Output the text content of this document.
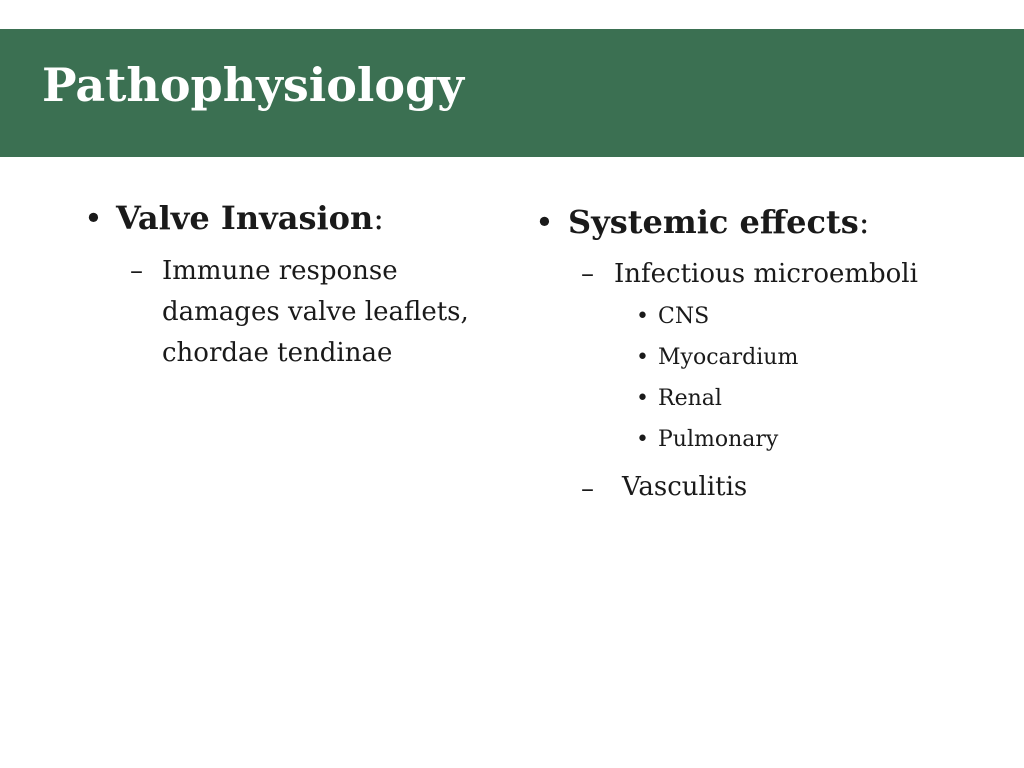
Pathophysiology
• Valve Invasion:
– Immune response
damages valve leaflets,
chordae tendinae
• Systemic effects:
– Infectious microemboli
• CNS
• Myocardium
• Renal
• Pulmonary
– Vasculitis
